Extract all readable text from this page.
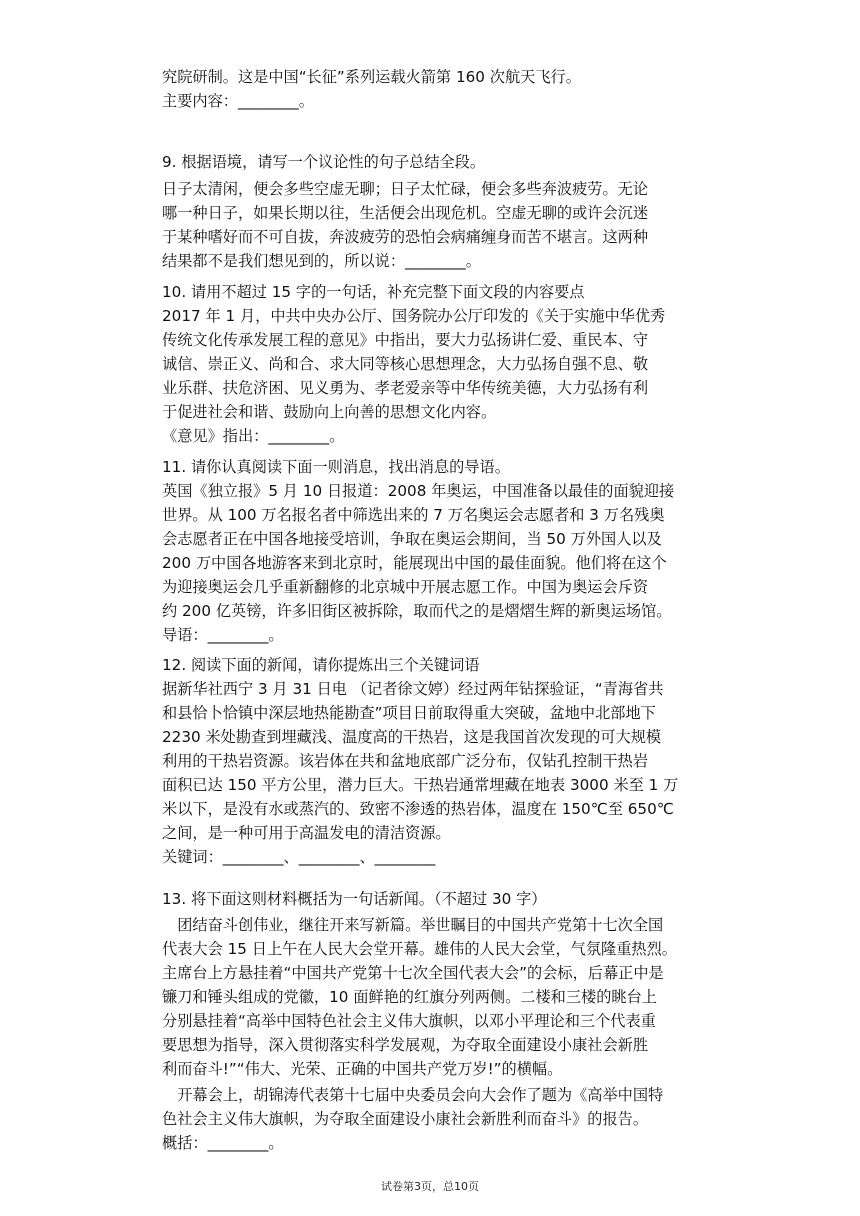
究院研制。这是中国“长征”系列运载火箭第 160 次航天飞行。
主要内容：________。
9. 根据语境，请写一个议论性的句子总结全段。
日子太清闲，便会多些空虚无聊；日子太忙碌，便会多些奔波疲劳。无论
哪一种日子，如果长期以往，生活便会出现危机。空虚无聊的或许会沉迷
于某种嗜好而不可自拔，奔波疲劳的恐怕会病痛缠身而苦不堪言。这两种
结果都不是我们想见到的，所以说：________。
10. 请用不超过 15 字的一句话，补充完整下面文段的内容要点
2017 年 1 月，中共中央办公厅、国务院办公厅印发的《关于实施中华优秀
传统文化传承发展工程的意见》中指出，要大力弘扬讲仁爱、重民本、守
诚信、崇正义、尚和合、求大同等核心思想理念，大力弘扬自强不息、敬
业乐群、扶危济困、见义勇为、孝老爱亲等中华传统美德，大力弘扬有利
于促进社会和谐、鼓励向上向善的思想文化内容。
《意见》指出：________。
11. 请你认真阅读下面一则消息，找出消息的导语。
英国《独立报》5 月 10 日报道：2008 年奥运，中国准备以最佳的面貌迎接
世界。从 100 万名报名者中筛选出来的 7 万名奥运会志愿者和 3 万名残奥
会志愿者正在中国各地接受培训，争取在奥运会期间，当 50 万外国人以及
200 万中国各地游客来到北京时，能展现出中国的最佳面貌。他们将在这个
为迎接奥运会几乎重新翻修的北京城中开展志愿工作。中国为奥运会斥资
约 200 亿英镑，许多旧街区被拆除，取而代之的是熠熠生辉的新奥运场馆。
导语：________。
12. 阅读下面的新闻，请你提炼出三个关键词语
据新华社西宁 3 月 31 日电 （记者徐文婷）经过两年钻探验证，“青海省共
和县恰卜恰镇中深层地热能勘查”项目日前取得重大突破，盆地中北部地下
2230 米处勘查到埋藏浅、温度高的干热岩，这是我国首次发现的可大规模
利用的干热岩资源。该岩体在共和盆地底部广泛分布，仅钻孔控制干热岩
面积已达 150 平方公里，潜力巨大。干热岩通常埋藏在地表 3000 米至 1 万
米以下，是没有水或蒸汽的、致密不渗透的热岩体，温度在 150℃至 650℃
之间，是一种可用于高温发电的清洁资源。
关键词：________、________、________
13. 将下面这则材料概括为一句话新闻。（不超过 30 字）
　团结奋斗创伟业，继往开来写新篇。举世瞩目的中国共产党第十七次全国
代表大会 15 日上午在人民大会堂开幕。雄伟的人民大会堂，气氛隆重热烈。
主席台上方悬挂着“中国共产党第十七次全国代表大会”的会标，后幕正中是
镰刀和锤头组成的党徽，10 面鲜艳的红旗分列两侧。二楼和三楼的眺台上
分别悬挂着“高举中国特色社会主义伟大旗帜，以邓小平理论和三个代表重
要思想为指导，深入贯彻落实科学发展观，为夺取全面建设小康社会新胜
利而奋斗!”“伟大、光荣、正确的中国共产党万岁!”的横幅。
　开幕会上，胡锦涛代表第十七届中央委员会向大会作了题为《高举中国特
色社会主义伟大旗帜，为夺取全面建设小康社会新胜利而奋斗》的报告。
概括：________。
试卷第3页，总10页
